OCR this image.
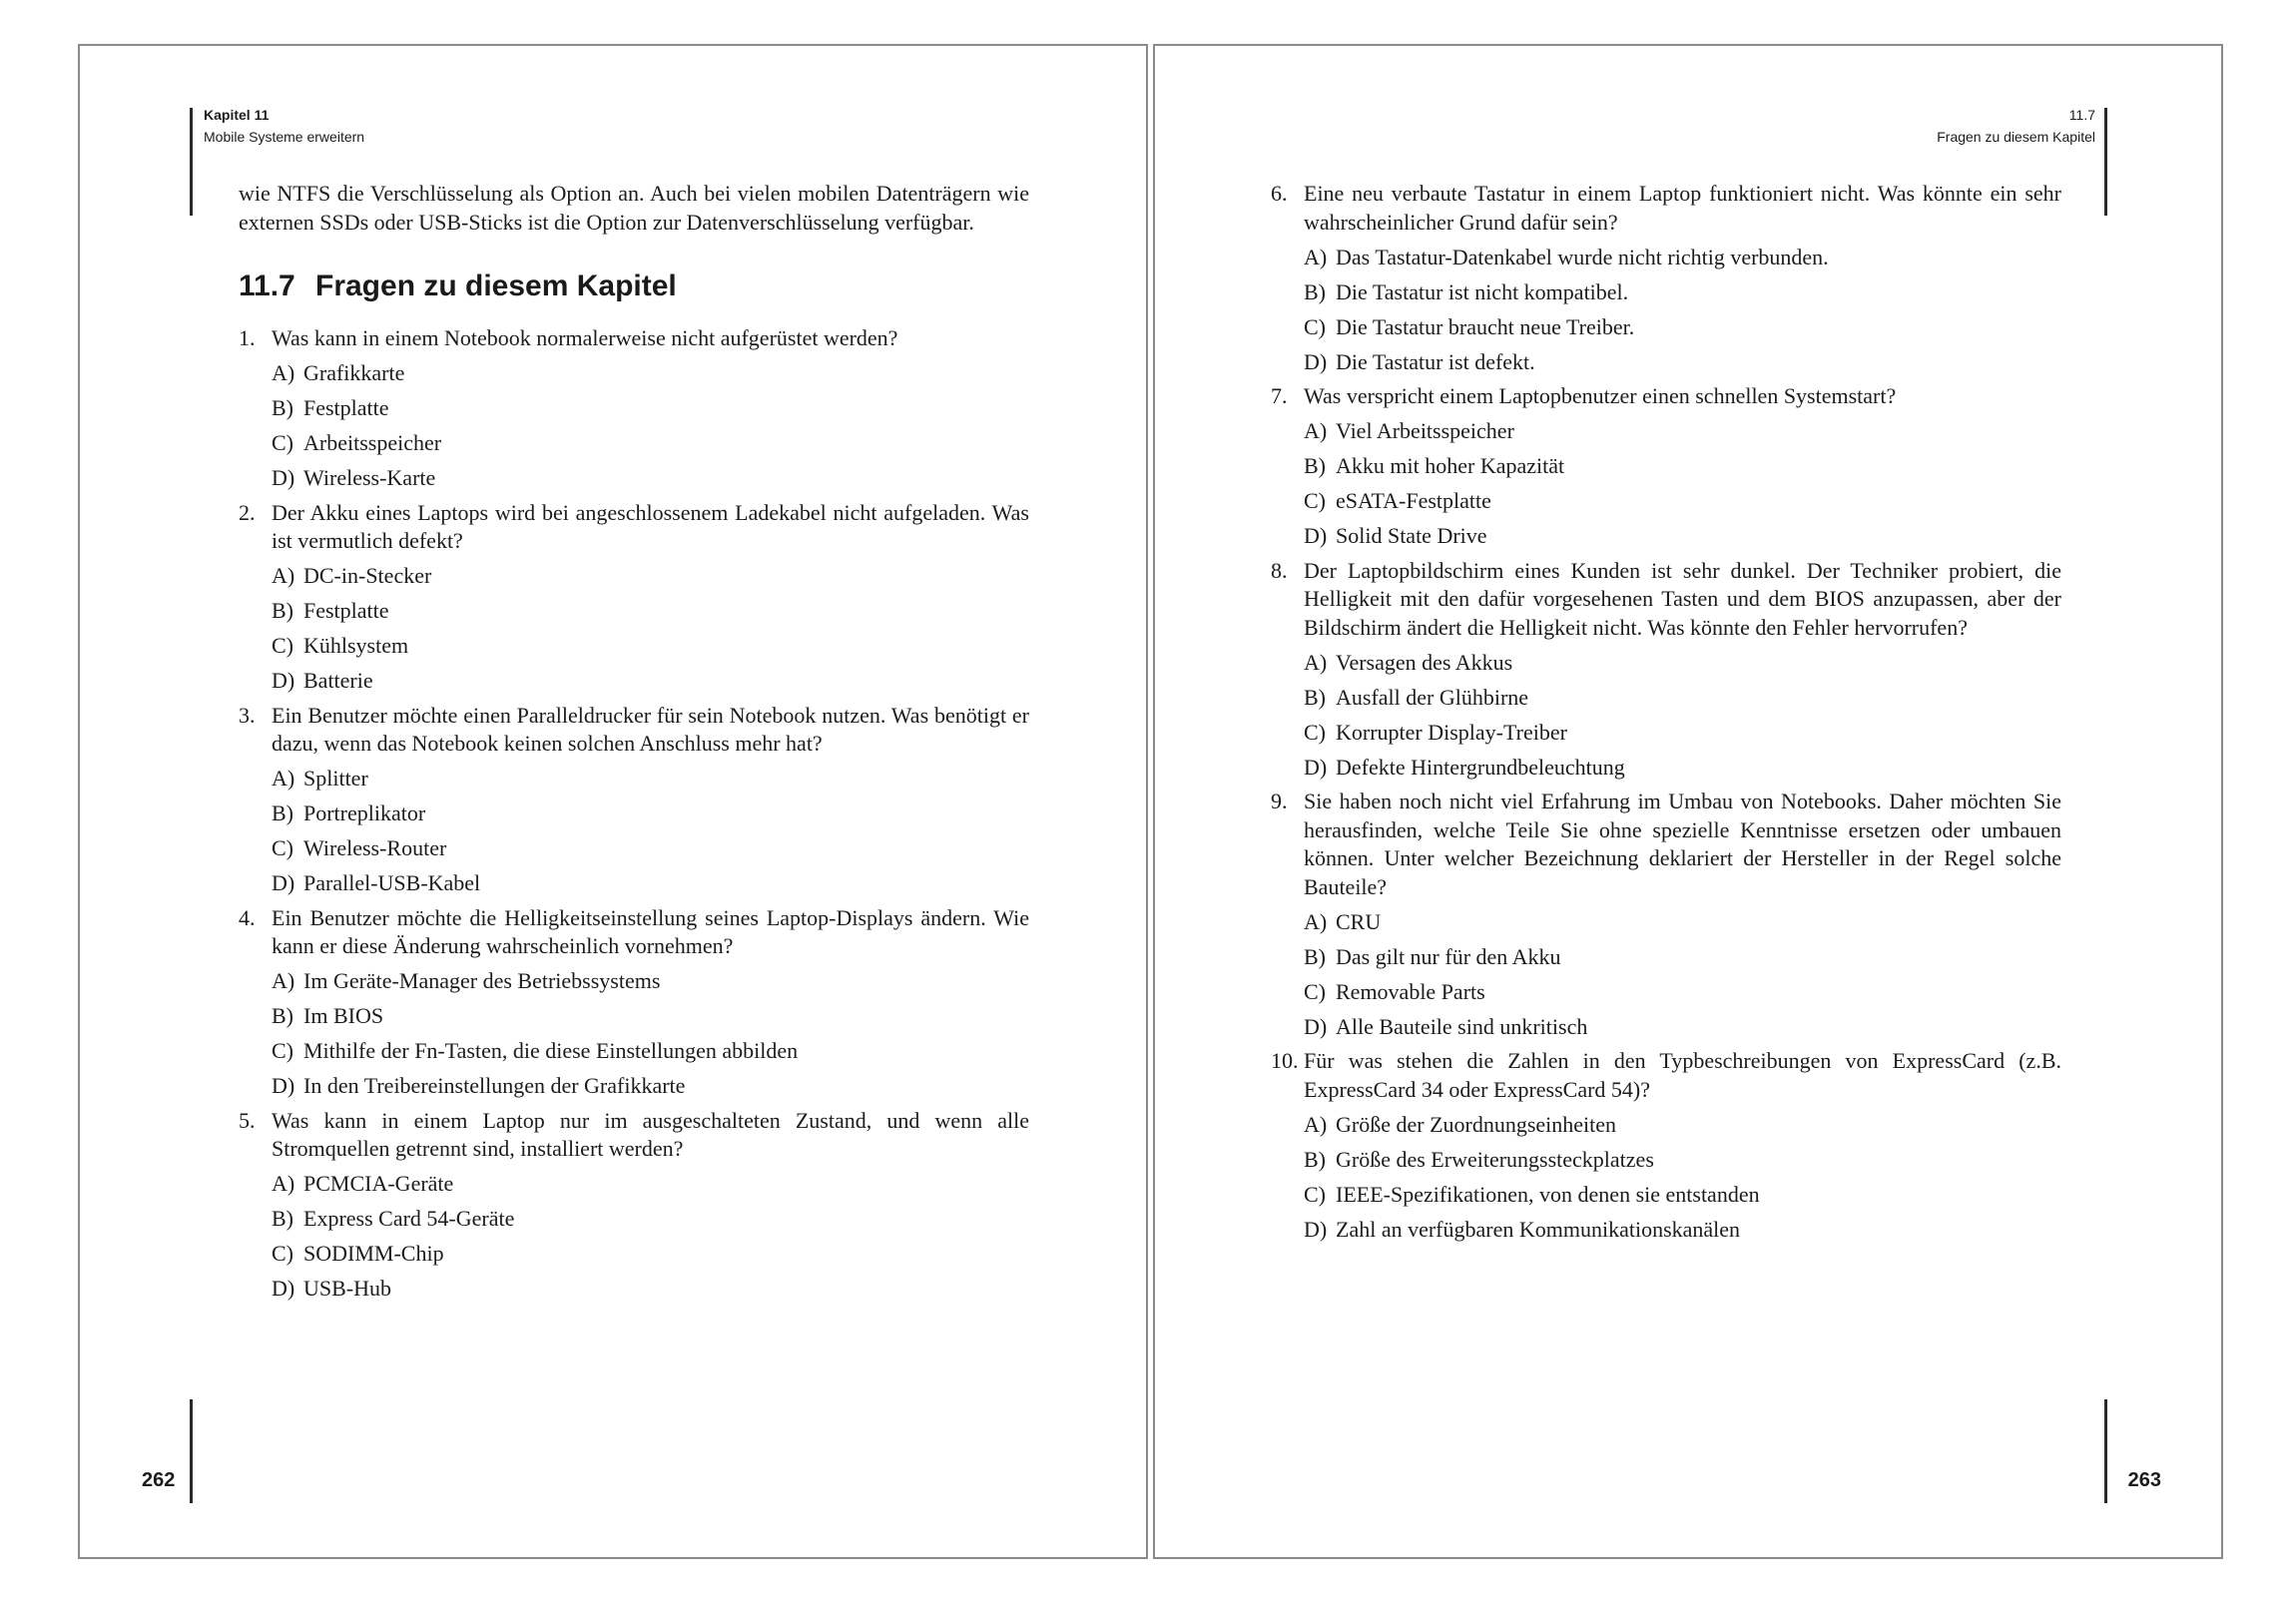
Kapitel 11
Mobile Systeme erweitern

wie NTFS die Verschlüsselung als Option an. Auch bei vielen mobilen Datenträgern wie externen SSDs oder USB-Sticks ist die Option zur Datenverschlüsselung verfügbar.

11.7 Fragen zu diesem Kapitel
1. Was kann in einem Notebook normalerweise nicht aufgerüstet werden?
A) Grafikkarte
B) Festplatte
C) Arbeitsspeicher
D) Wireless-Karte
2. Der Akku eines Laptops wird bei angeschlossenem Ladekabel nicht aufgeladen. Was ist vermutlich defekt?
A) DC-in-Stecker
B) Festplatte
C) Kühlsystem
D) Batterie
3. Ein Benutzer möchte einen Paralleldrucker für sein Notebook nutzen. Was benötigt er dazu, wenn das Notebook keinen solchen Anschluss mehr hat?
A) Splitter
B) Portreplikator
C) Wireless-Router
D) Parallel-USB-Kabel
4. Ein Benutzer möchte die Helligkeitseinstellung seines Laptop-Displays ändern. Wie kann er diese Änderung wahrscheinlich vornehmen?
A) Im Geräte-Manager des Betriebssystems
B) Im BIOS
C) Mithilfe der Fn-Tasten, die diese Einstellungen abbilden
D) In den Treibereinstellungen der Grafikkarte
5. Was kann in einem Laptop nur im ausgeschalteten Zustand, und wenn alle Stromquellen getrennt sind, installiert werden?
A) PCMCIA-Geräte
B) Express Card 54-Geräte
C) SODIMM-Chip
D) USB-Hub
262
11.7
Fragen zu diesem Kapitel
6. Eine neu verbaute Tastatur in einem Laptop funktioniert nicht. Was könnte ein sehr wahrscheinlicher Grund dafür sein?
A) Das Tastatur-Datenkabel wurde nicht richtig verbunden.
B) Die Tastatur ist nicht kompatibel.
C) Die Tastatur braucht neue Treiber.
D) Die Tastatur ist defekt.
7. Was verspricht einem Laptopbenutzer einen schnellen Systemstart?
A) Viel Arbeitsspeicher
B) Akku mit hoher Kapazität
C) eSATA-Festplatte
D) Solid State Drive
8. Der Laptopbildschirm eines Kunden ist sehr dunkel. Der Techniker probiert, die Helligkeit mit den dafür vorgesehenen Tasten und dem BIOS anzupassen, aber der Bildschirm ändert die Helligkeit nicht. Was könnte den Fehler hervorrufen?
A) Versagen des Akkus
B) Ausfall der Glühbirne
C) Korrupter Display-Treiber
D) Defekte Hintergrundbeleuchtung
9. Sie haben noch nicht viel Erfahrung im Umbau von Notebooks. Daher möchten Sie herausfinden, welche Teile Sie ohne spezielle Kenntnisse ersetzen oder umbauen können. Unter welcher Bezeichnung deklariert der Hersteller in der Regel solche Bauteile?
A) CRU
B) Das gilt nur für den Akku
C) Removable Parts
D) Alle Bauteile sind unkritisch
10. Für was stehen die Zahlen in den Typbeschreibungen von ExpressCard (z.B. ExpressCard 34 oder ExpressCard 54)?
A) Größe der Zuordnungseinheiten
B) Größe des Erweiterungssteckplatzes
C) IEEE-Spezifikationen, von denen sie entstanden
D) Zahl an verfügbaren Kommunikationskanälen
263
